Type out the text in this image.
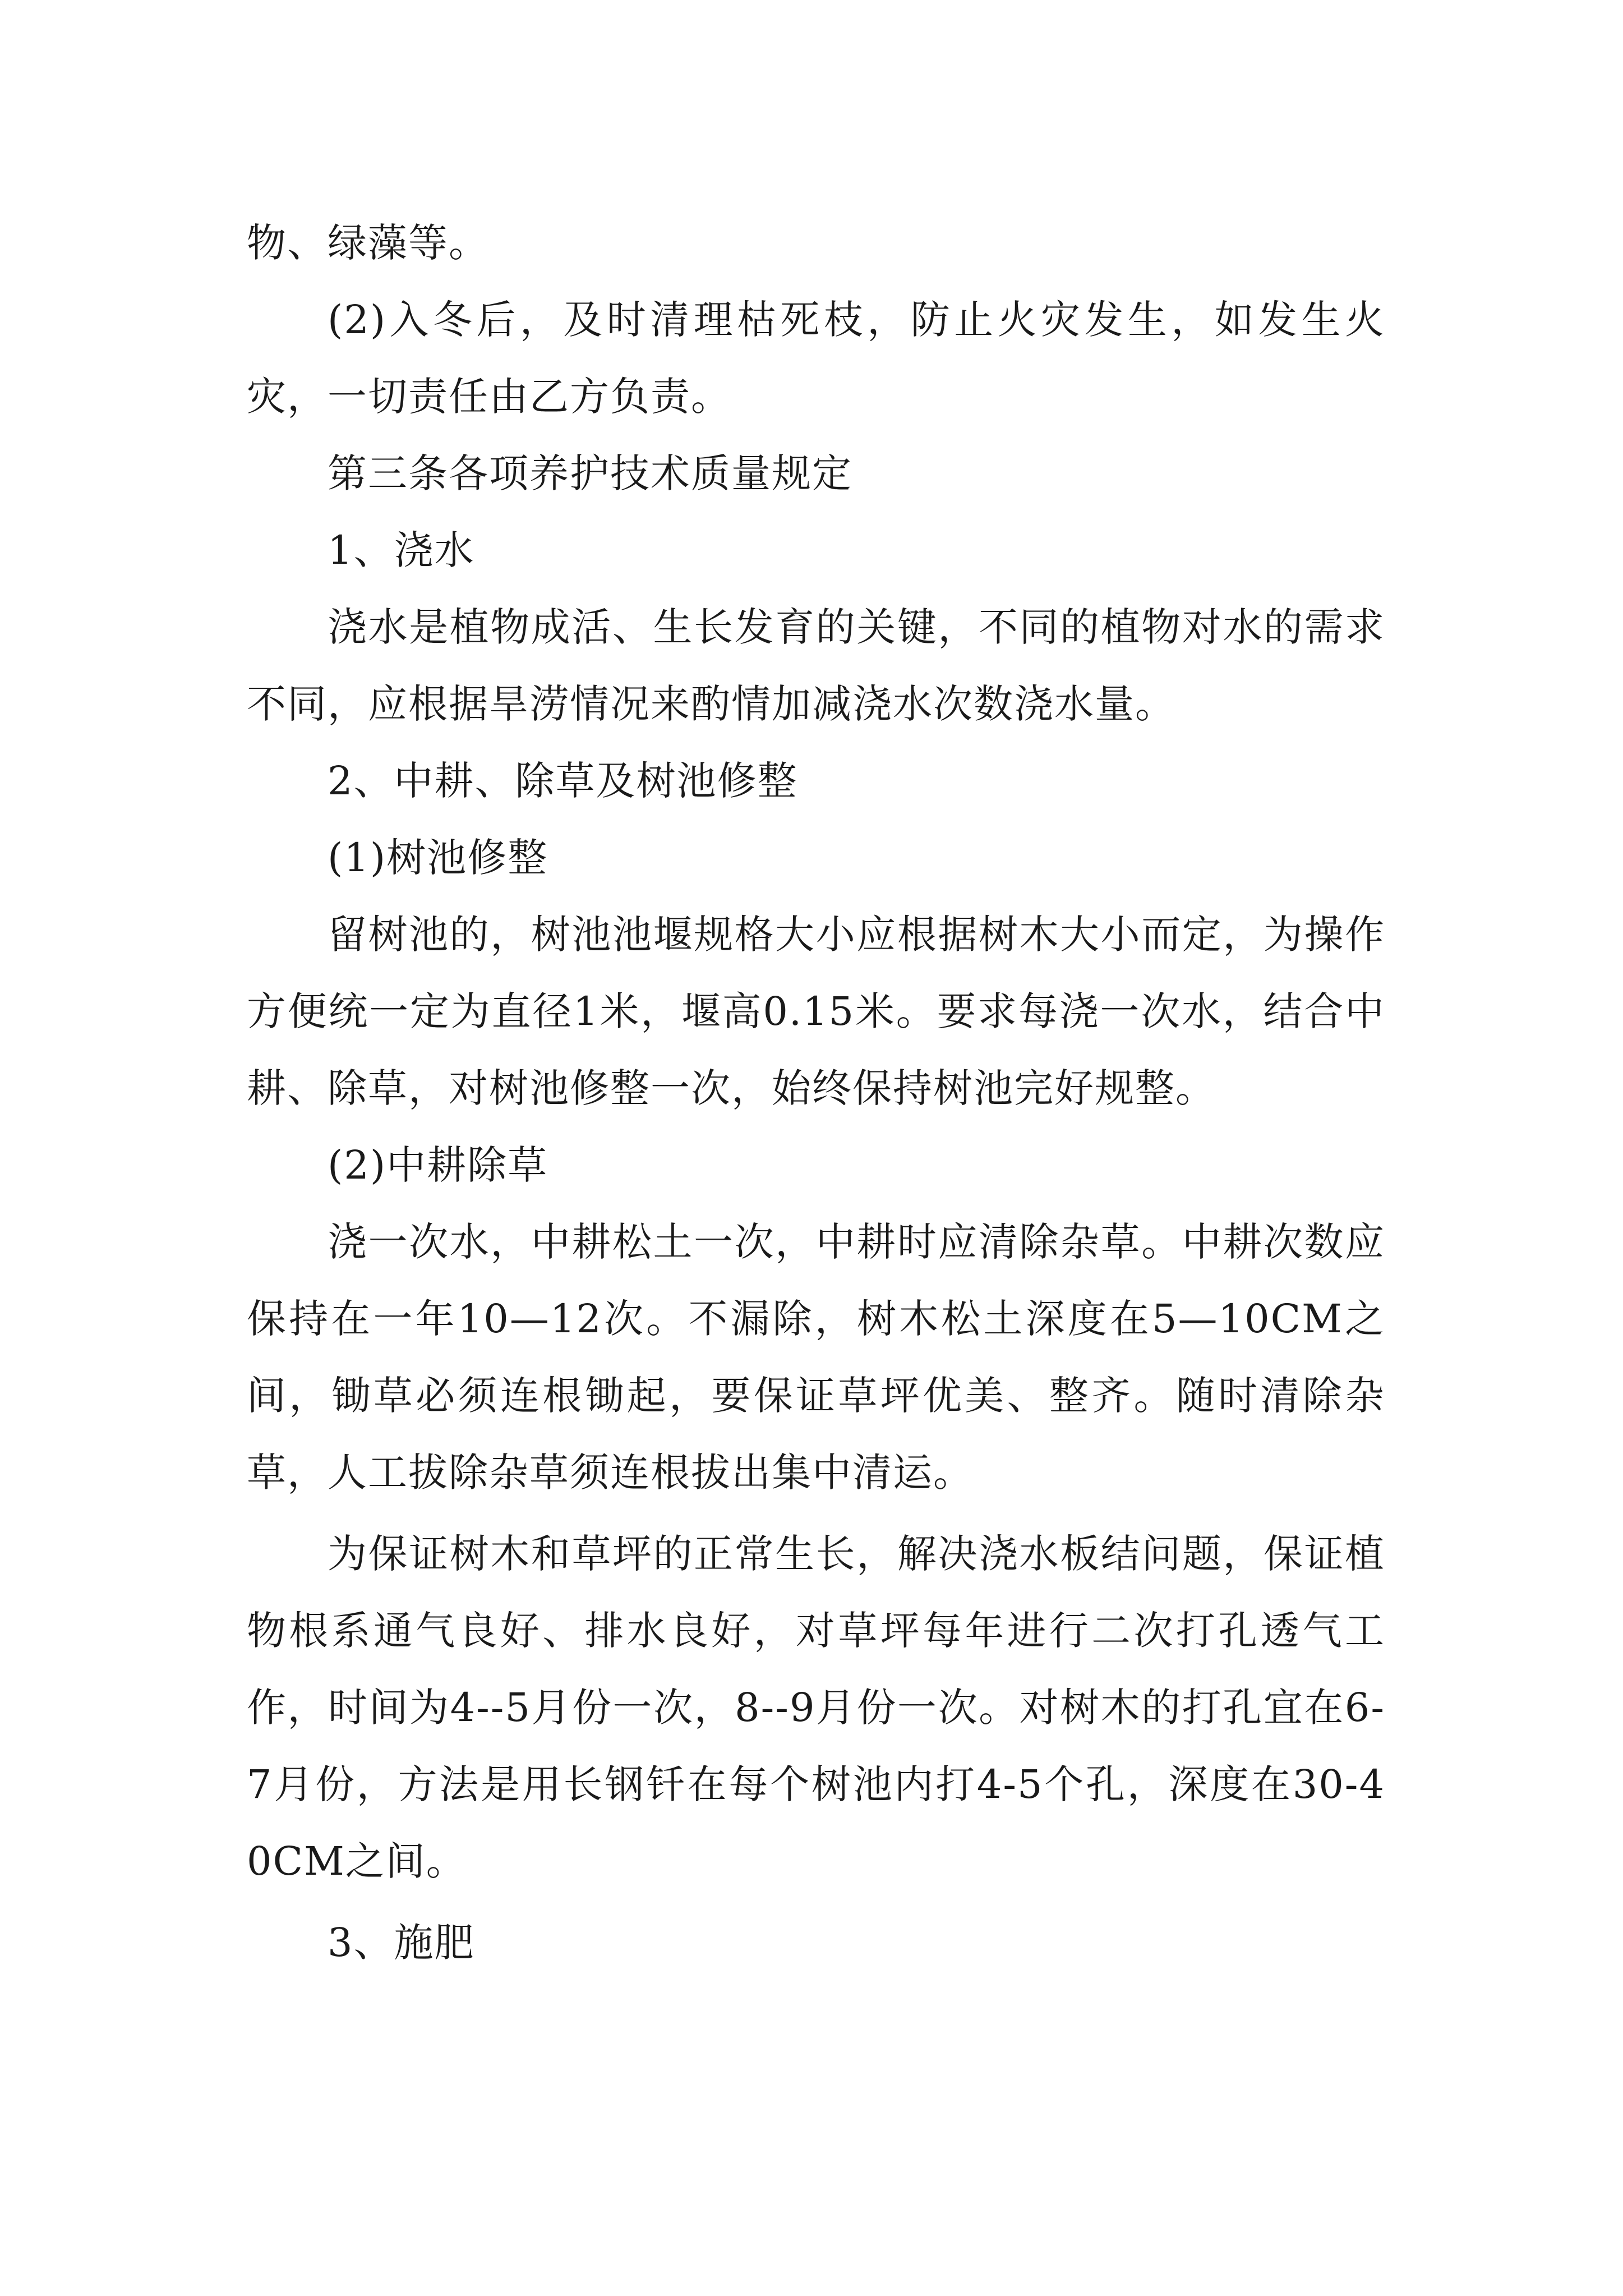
物、绿藻等。

(2)入冬后，及时清理枯死枝，防止火灾发生，如发生火灾，一切责任由乙方负责。

第三条各项养护技术质量规定

1、浇水

浇水是植物成活、生长发育的关键，不同的植物对水的需求不同，应根据旱涝情况来酌情加减浇水次数浇水量。

2、中耕、除草及树池修整

(1)树池修整

留树池的，树池池堰规格大小应根据树木大小而定，为操作方便统一定为直径1米，堰高0.15米。要求每浇一次水，结合中耕、除草，对树池修整一次，始终保持树池完好规整。

(2)中耕除草

浇一次水，中耕松土一次，中耕时应清除杂草。中耕次数应保持在一年10—12次。不漏除，树木松土深度在5—10CM之间，锄草必须连根锄起，要保证草坪优美、整齐。随时清除杂草，人工拔除杂草须连根拔出集中清运。

为保证树木和草坪的正常生长，解决浇水板结问题，保证植物根系通气良好、排水良好，对草坪每年进行二次打孔透气工作，时间为4--5月份一次，8--9月份一次。对树木的打孔宜在6-7月份，方法是用长钢钎在每个树池内打4-5个孔，深度在30-40CM之间。

3、施肥
